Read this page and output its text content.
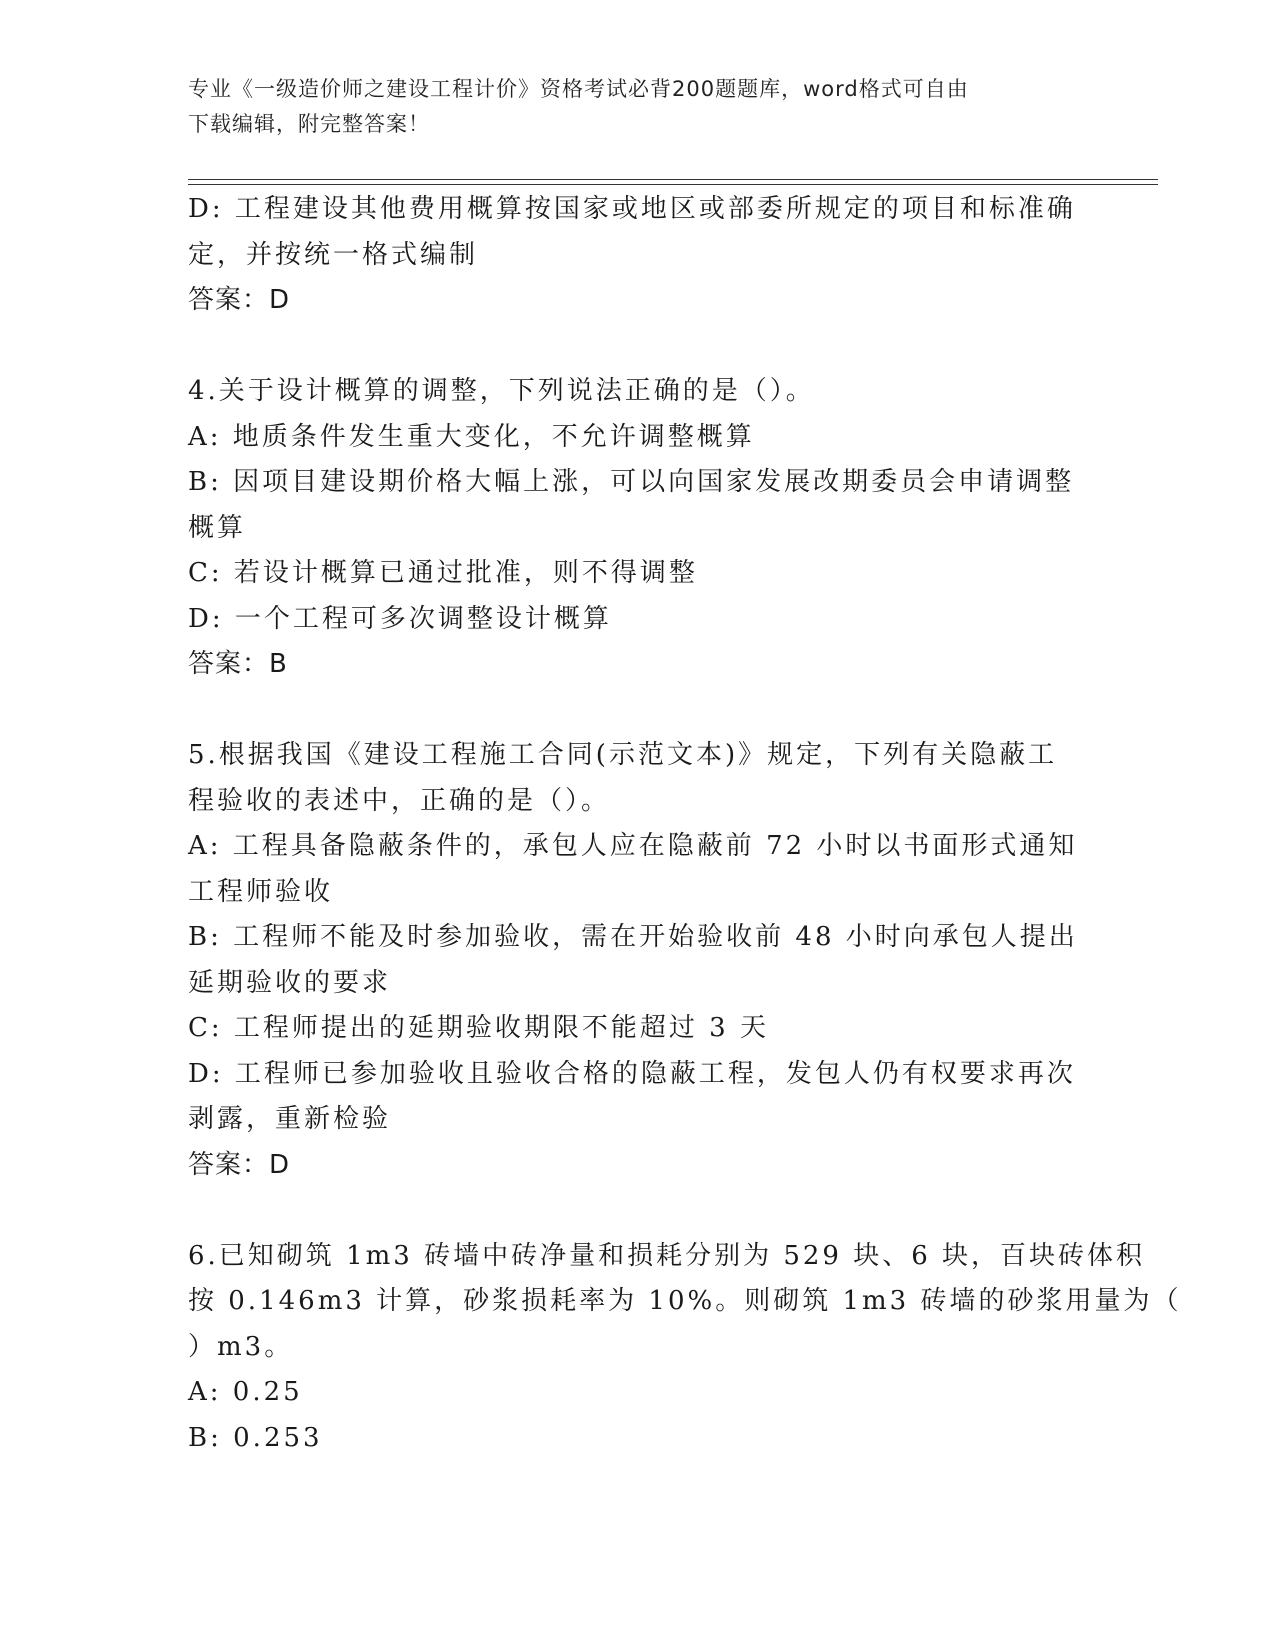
专业《一级造价师之建设工程计价》资格考试必背200题题库，word格式可自由
下载编辑，附完整答案！
D: 工程建设其他费用概算按国家或地区或部委所规定的项目和标准确
定，并按统一格式编制
答案：D
4.关于设计概算的调整，下列说法正确的是（）。
A: 地质条件发生重大变化，不允许调整概算
B: 因项目建设期价格大幅上涨，可以向国家发展改期委员会申请调整
概算
C: 若设计概算已通过批准，则不得调整
D: 一个工程可多次调整设计概算
答案：B
5.根据我国《建设工程施工合同(示范文本)》规定，下列有关隐蔽工
程验收的表述中，正确的是（）。
A: 工程具备隐蔽条件的，承包人应在隐蔽前 72 小时以书面形式通知
工程师验收
B: 工程师不能及时参加验收，需在开始验收前 48 小时向承包人提出
延期验收的要求
C: 工程师提出的延期验收期限不能超过 3 天
D: 工程师已参加验收且验收合格的隐蔽工程，发包人仍有权要求再次
剥露，重新检验
答案：D
6.已知砌筑 1m3 砖墙中砖净量和损耗分别为 529 块、6 块，百块砖体积
按 0.146m3 计算，砂浆损耗率为 10%。则砌筑 1m3 砖墙的砂浆用量为（
）m3。
A: 0.25
B: 0.253
